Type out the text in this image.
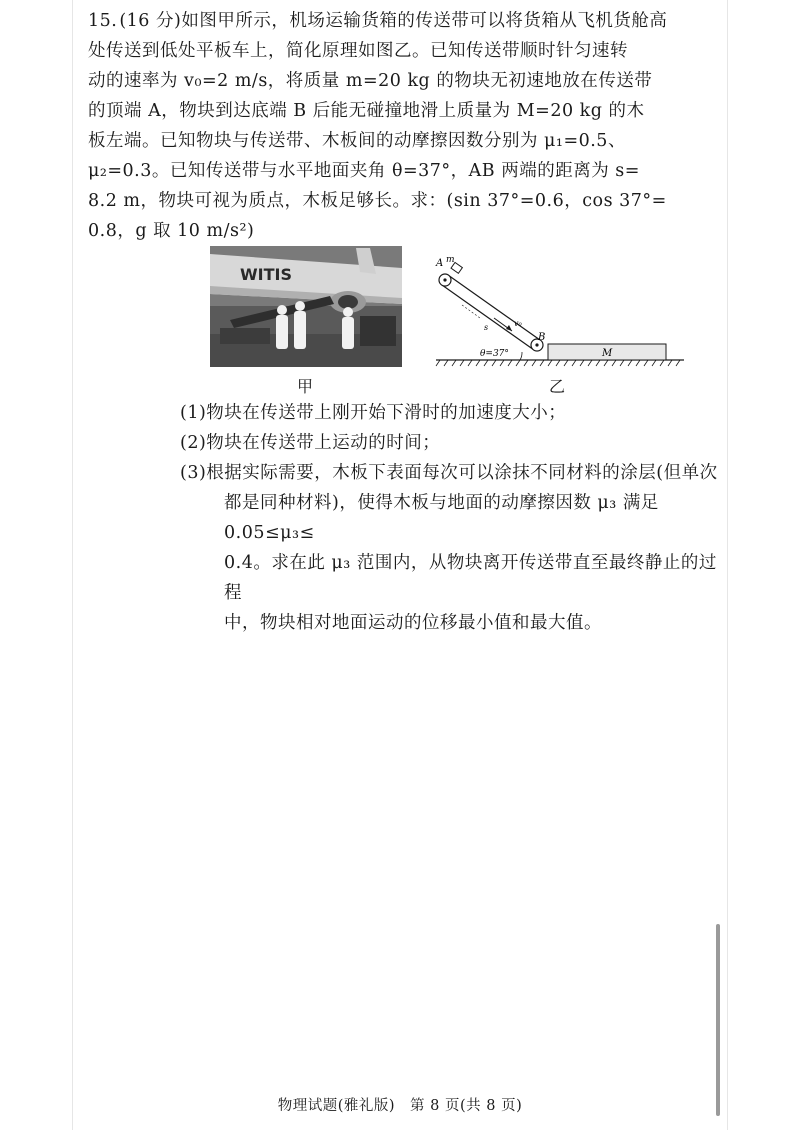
15. (16 分)如图甲所示，机场运输货箱的传送带可以将货箱从飞机货舱高

处传送到低处平板车上，简化原理如图乙。已知传送带顺时针匀速转

动的速率为 v₀=2 m/s，将质量 m=20 kg 的物块无初速地放在传送带

的顶端 A，物块到达底端 B 后能无碰撞地滑上质量为 M=20 kg 的木

板左端。已知物块与传送带、木板间的动摩擦因数分别为 μ₁=0.5、

μ₂=0.3。已知传送带与水平地面夹角 θ=37°，AB 两端的距离为 s=

8.2 m，物块可视为质点，木板足够长。求：(sin 37°=0.6，cos 37°=

0.8，g 取 10 m/s²)

WITIS
甲
M
A m
B
s	v₀
θ=37°
乙
(1)物块在传送带上刚开始下滑时的加速度大小；
(2)物块在传送带上运动的时间；
(3)根据实际需要，木板下表面每次可以涂抹不同材料的涂层(但单次
都是同种材料)，使得木板与地面的动摩擦因数 μ₃ 满足 0.05≤μ₃≤
0.4。求在此 μ₃ 范围内，从物块离开传送带直至最终静止的过程
中，物块相对地面运动的位移最小值和最大值。
物理试题(雅礼版)　第 8 页(共 8 页)
